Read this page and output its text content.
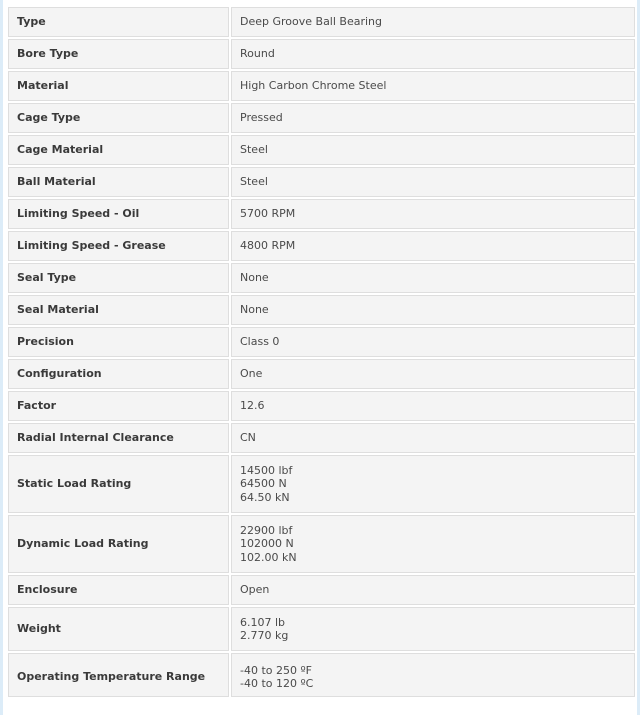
Type	Deep Groove Ball Bearing

Bore Type	Round

Material	High Carbon Chrome Steel

Cage Type	Pressed

Cage Material	Steel

Ball Material	Steel

Limiting Speed - Oil	5700 RPM

Limiting Speed - Grease	4800 RPM

Seal Type	None

Seal Material	None

Precision	Class 0

Configuration	One

Factor	12.6

Radial Internal Clearance	CN

Static Load Rating	14500 lbf
64500 N
64.50 kN

Dynamic Load Rating	22900 lbf
102000 N
102.00 kN

Enclosure	Open

Weight	6.107 lb
2.770 kg

Operating Temperature Range	-40 to 250 ºF
-40 to 120 ºC
